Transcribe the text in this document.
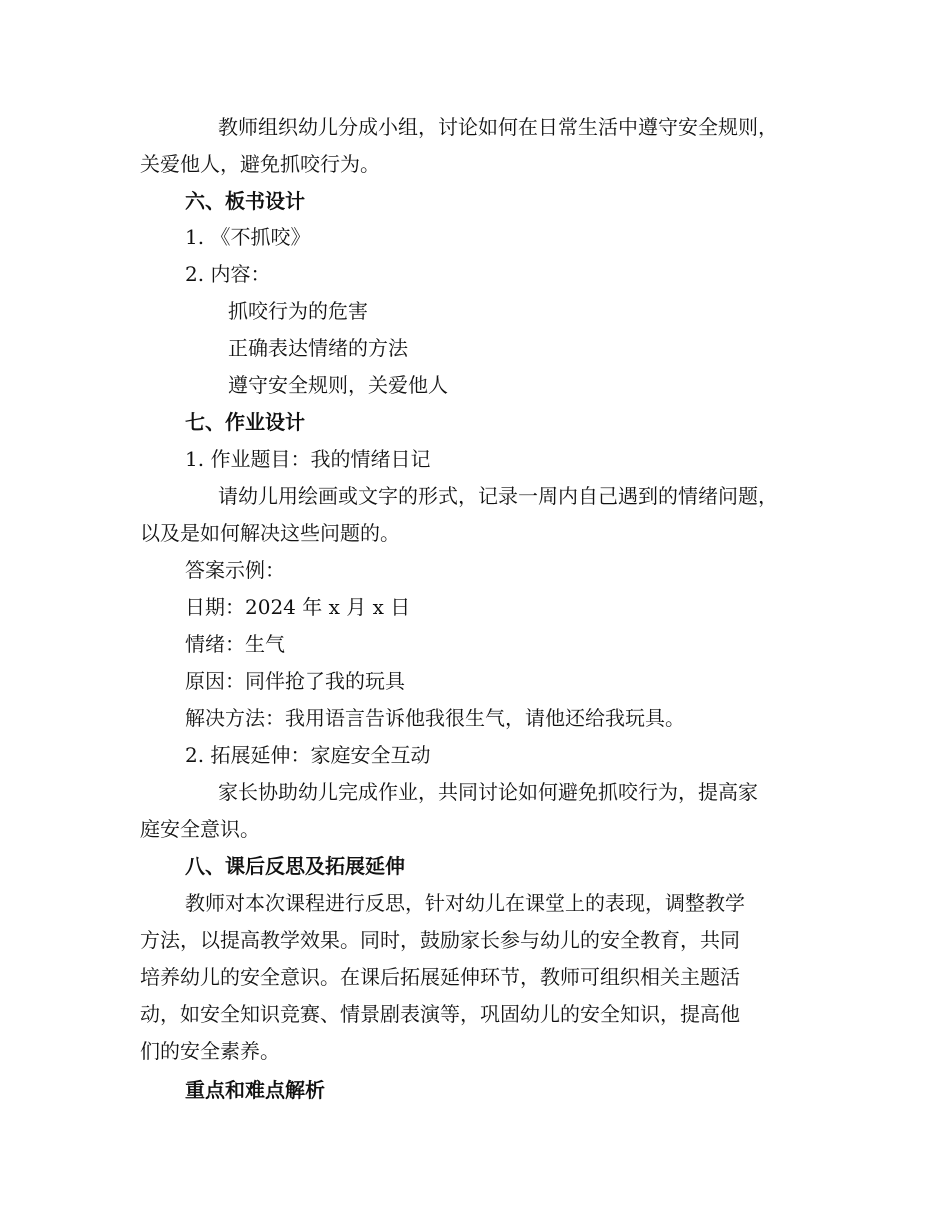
教师组织幼儿分成小组，讨论如何在日常生活中遵守安全规则，
关爱他人，避免抓咬行为。
六、板书设计
1. 《不抓咬》
2. 内容：
抓咬行为的危害
正确表达情绪的方法
遵守安全规则，关爱他人
七、作业设计
1. 作业题目：我的情绪日记
请幼儿用绘画或文字的形式，记录一周内自己遇到的情绪问题，
以及是如何解决这些问题的。
答案示例：
日期：2024 年 x 月 x 日
情绪：生气
原因：同伴抢了我的玩具
解决方法：我用语言告诉他我很生气，请他还给我玩具。
2. 拓展延伸：家庭安全互动
家长协助幼儿完成作业，共同讨论如何避免抓咬行为，提高家
庭安全意识。
八、课后反思及拓展延伸
教师对本次课程进行反思，针对幼儿在课堂上的表现，调整教学
方法，以提高教学效果。同时，鼓励家长参与幼儿的安全教育，共同
培养幼儿的安全意识。在课后拓展延伸环节，教师可组织相关主题活
动，如安全知识竞赛、情景剧表演等，巩固幼儿的安全知识，提高他
们的安全素养。
重点和难点解析
